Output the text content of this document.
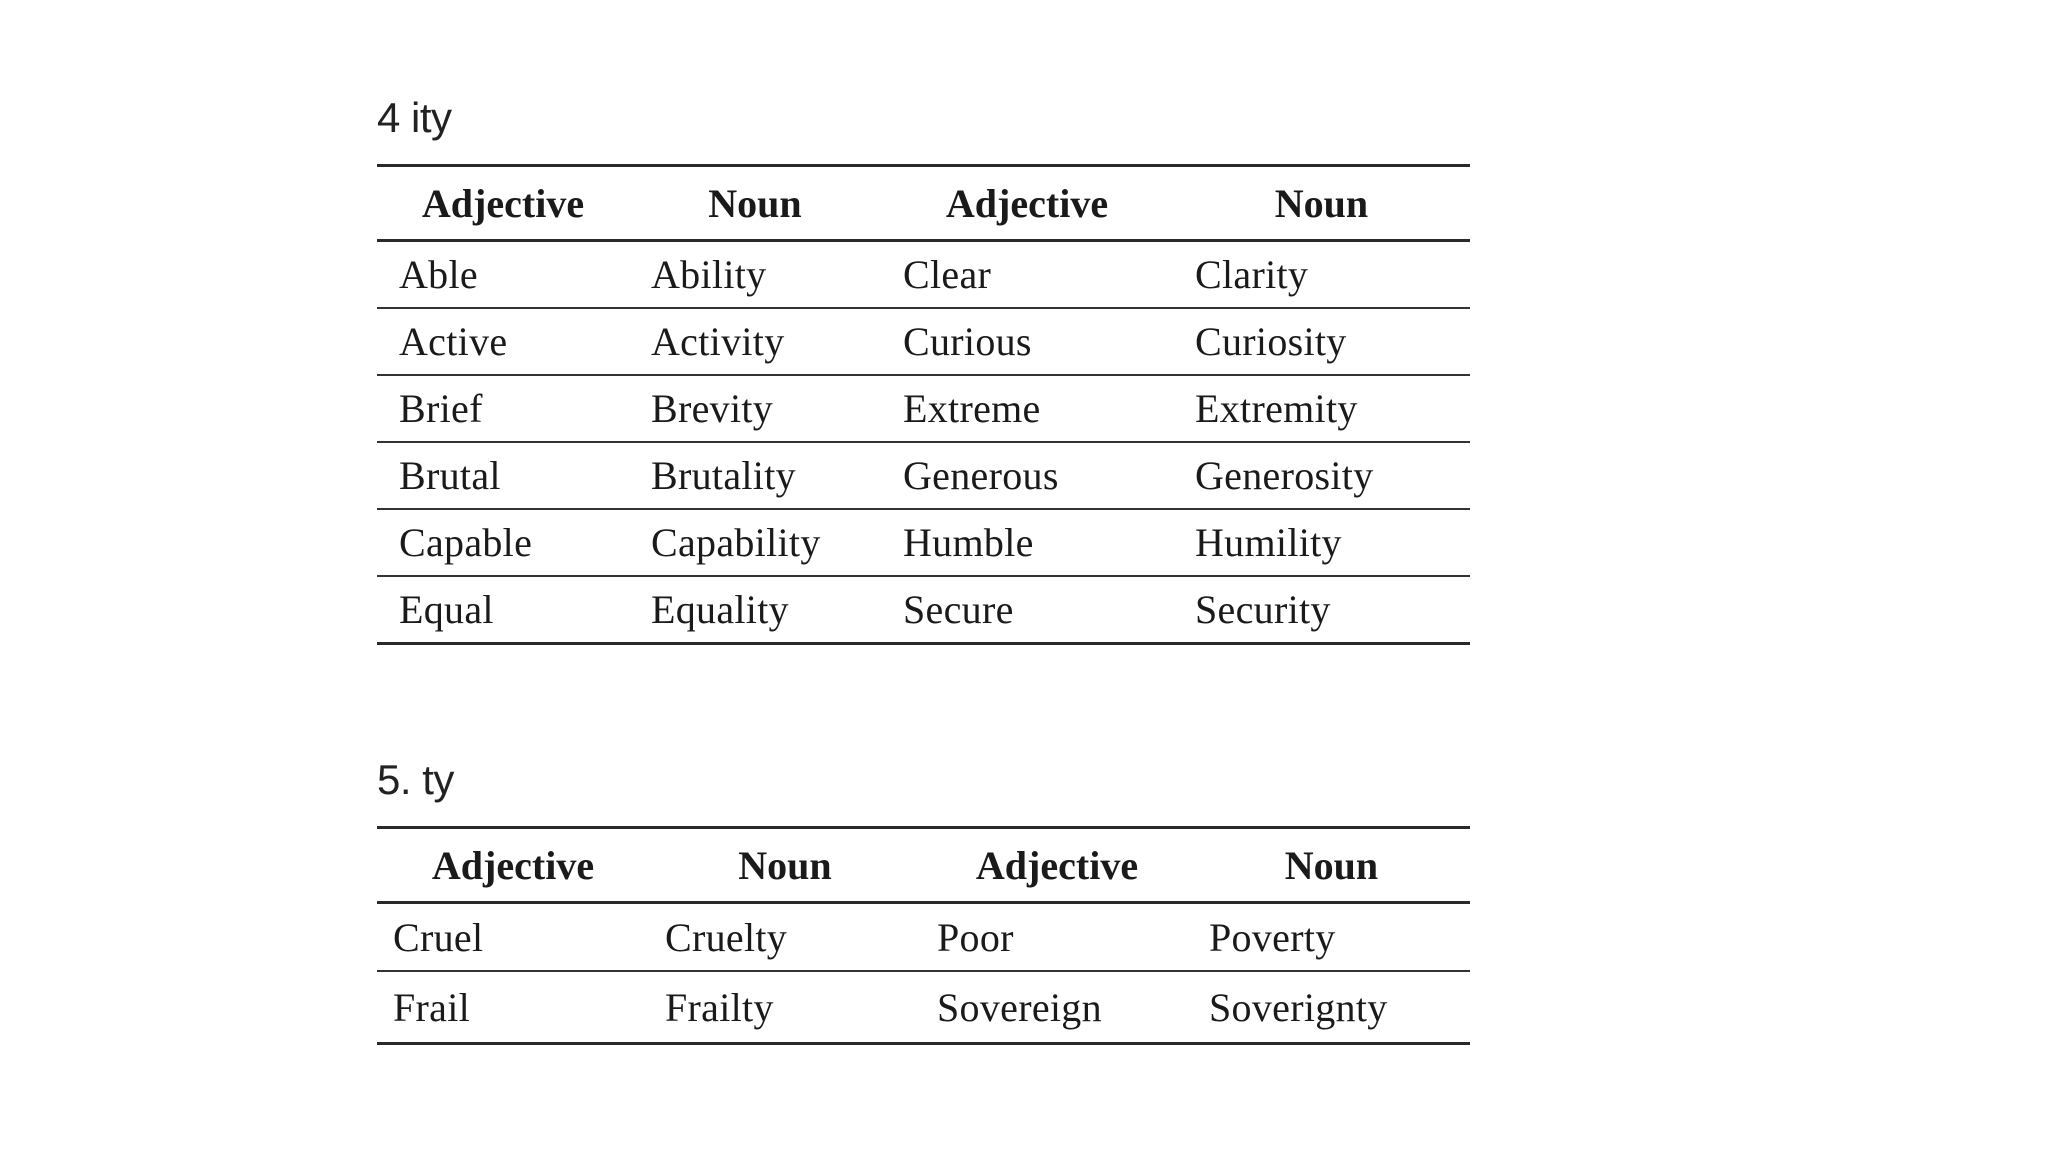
4 ity
Adjective	Noun	Adjective	Noun
Able	Ability	Clear	Clarity
Active	Activity	Curious	Curiosity
Brief	Brevity	Extreme	Extremity
Brutal	Brutality	Generous	Generosity
Capable	Capability	Humble	Humility
Equal	Equality	Secure	Security
5. ty
Adjective	Noun	Adjective	Noun
Cruel	Cruelty	Poor	Poverty
Frail	Frailty	Sovereign	Soverignty
